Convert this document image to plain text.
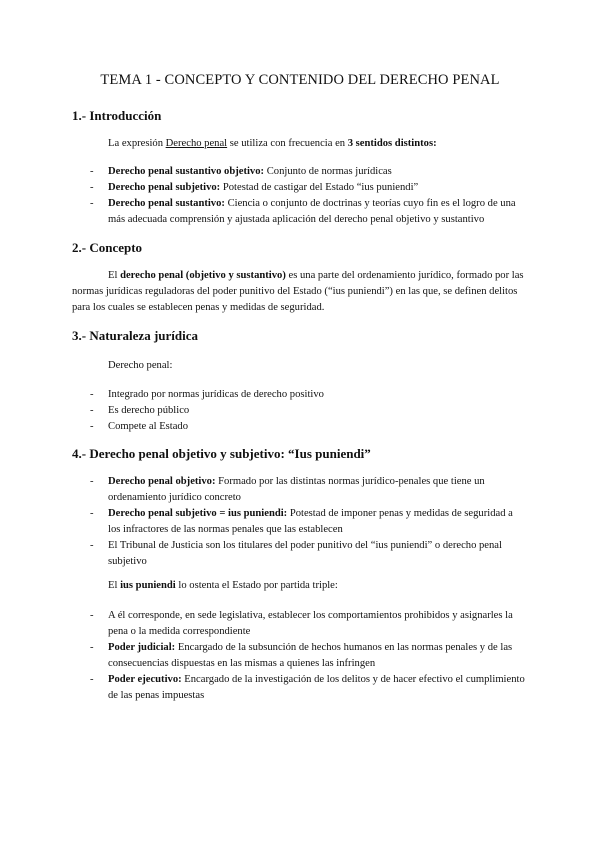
TEMA 1 - CONCEPTO Y CONTENIDO DEL DERECHO PENAL
1.- Introducción
La expresión Derecho penal se utiliza con frecuencia en 3 sentidos distintos:
- Derecho penal sustantivo objetivo: Conjunto de normas jurídicas
- Derecho penal subjetivo: Potestad de castigar del Estado “ius puniendi”
- Derecho penal sustantivo: Ciencia o conjunto de doctrinas y teorías cuyo fin es el logro de una más adecuada comprensión y ajustada aplicación del derecho penal objetivo y sustantivo
2.- Concepto
El derecho penal (objetivo y sustantivo) es una parte del ordenamiento jurídico, formado por las normas jurídicas reguladoras del poder punitivo del Estado (“ius puniendi”) en las que, se definen delitos para los cuales se establecen penas y medidas de seguridad.
3.- Naturaleza jurídica
Derecho penal:
- Integrado por normas jurídicas de derecho positivo
- Es derecho público
- Compete al Estado
4.- Derecho penal objetivo y subjetivo: “Ius puniendi”
- Derecho penal objetivo: Formado por las distintas normas jurídico-penales que tiene un ordenamiento jurídico concreto
- Derecho penal subjetivo = ius puniendi: Potestad de imponer penas y medidas de seguridad a los infractores de las normas penales que las establecen
- El Tribunal de Justicia son los titulares del poder punitivo del “ius puniendi” o derecho penal subjetivo
El ius puniendi lo ostenta el Estado por partida triple:
- A él corresponde, en sede legislativa, establecer los comportamientos prohibidos y asignarles la pena o la medida correspondiente
- Poder judicial: Encargado de la subsunción de hechos humanos en las normas penales y de las consecuencias dispuestas en las mismas a quienes las infringen
- Poder ejecutivo: Encargado de la investigación de los delitos y de hacer efectivo el cumplimiento de las penas impuestas
